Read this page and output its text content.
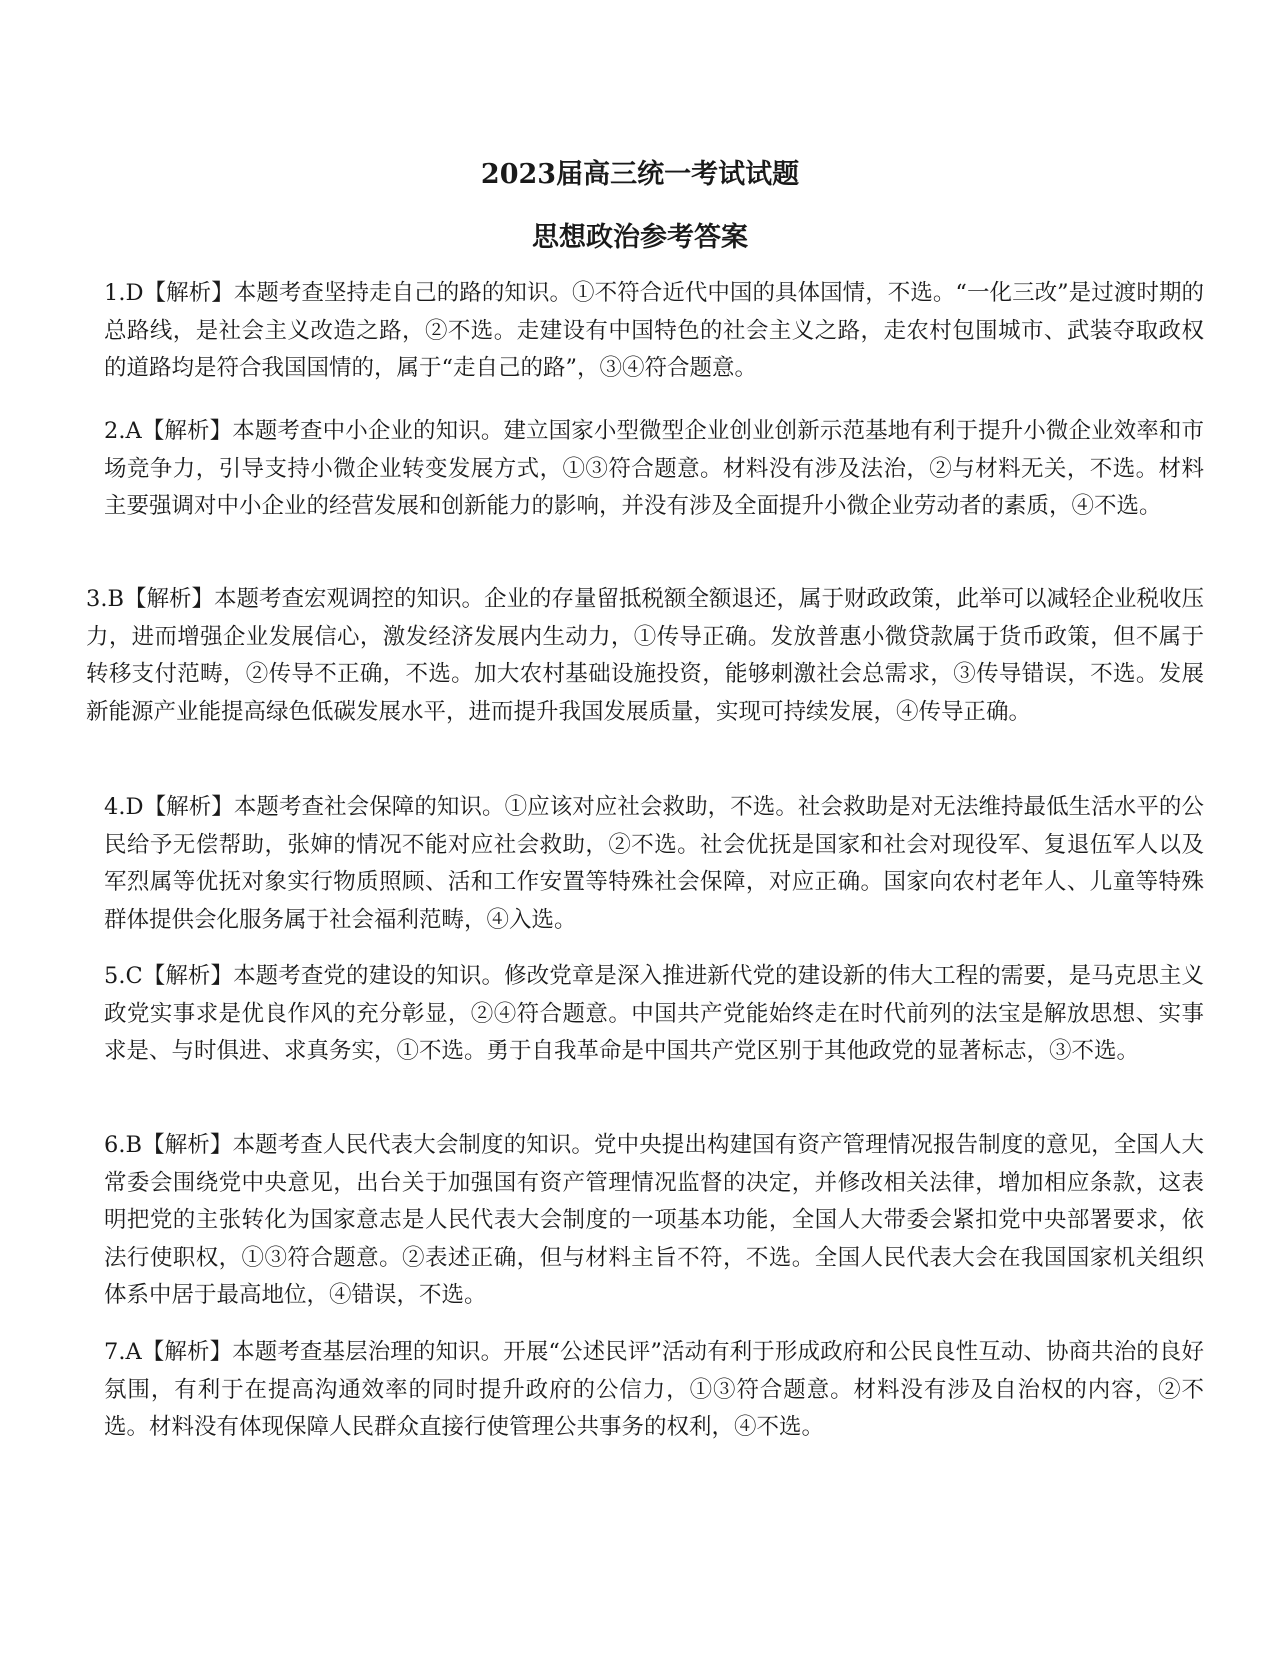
2023届高三统一考试试题
思想政治参考答案
1.D【解析】本题考查坚持走自己的路的知识。①不符合近代中国的具体国情，不选。“一化三改”是过渡时期的总路线，是社会主义改造之路，②不选。走建设有中国特色的社会主义之路，走农村包围城市、武装夺取政权的道路均是符合我国国情的，属于“走自己的路”，③④符合题意。
2.A【解析】本题考查中小企业的知识。建立国家小型微型企业创业创新示范基地有利于提升小微企业效率和市场竞争力，引导支持小微企业转变发展方式，①③符合题意。材料没有涉及法治，②与材料无关，不选。材料主要强调对中小企业的经营发展和创新能力的影响，并没有涉及全面提升小微企业劳动者的素质，④不选。
3.B【解析】本题考查宏观调控的知识。企业的存量留抵税额全额退还，属于财政政策，此举可以减轻企业税收压力，进而增强企业发展信心，激发经济发展内生动力，①传导正确。发放普惠小微贷款属于货币政策，但不属于转移支付范畴，②传导不正确，不选。加大农村基础设施投资，能够刺激社会总需求，③传导错误，不选。发展新能源产业能提高绿色低碳发展水平，进而提升我国发展质量，实现可持续发展，④传导正确。
4.D【解析】本题考查社会保障的知识。①应该对应社会救助，不选。社会救助是对无法维持最低生活水平的公民给予无偿帮助，张婶的情况不能对应社会救助，②不选。社会优抚是国家和社会对现役军、复退伍军人以及军烈属等优抚对象实行物质照顾、活和工作安置等特殊社会保障，对应正确。国家向农村老年人、儿童等特殊群体提供会化服务属于社会福利范畴，④入选。
5.C【解析】本题考查党的建设的知识。修改党章是深入推进新代党的建设新的伟大工程的需要，是马克思主义政党实事求是优良作风的充分彰显，②④符合题意。中国共产党能始终走在时代前列的法宝是解放思想、实事求是、与时俱进、求真务实，①不选。勇于自我革命是中国共产党区别于其他政党的显著标志，③不选。
6.B【解析】本题考查人民代表大会制度的知识。党中央提出构建国有资产管理情况报告制度的意见，全国人大常委会围绕党中央意见，出台关于加强国有资产管理情况监督的决定，并修改相关法律，增加相应条款，这表明把党的主张转化为国家意志是人民代表大会制度的一项基本功能，全国人大带委会紧扣党中央部署要求，依法行使职权，①③符合题意。②表述正确，但与材料主旨不符，不选。全国人民代表大会在我国国家机关组织体系中居于最高地位，④错误，不选。
7.A【解析】本题考查基层治理的知识。开展“公述民评”活动有利于形成政府和公民良性互动、协商共治的良好氛围，有利于在提高沟通效率的同时提升政府的公信力，①③符合题意。材料没有涉及自治权的内容，②不选。材料没有体现保障人民群众直接行使管理公共事务的权利，④不选。
